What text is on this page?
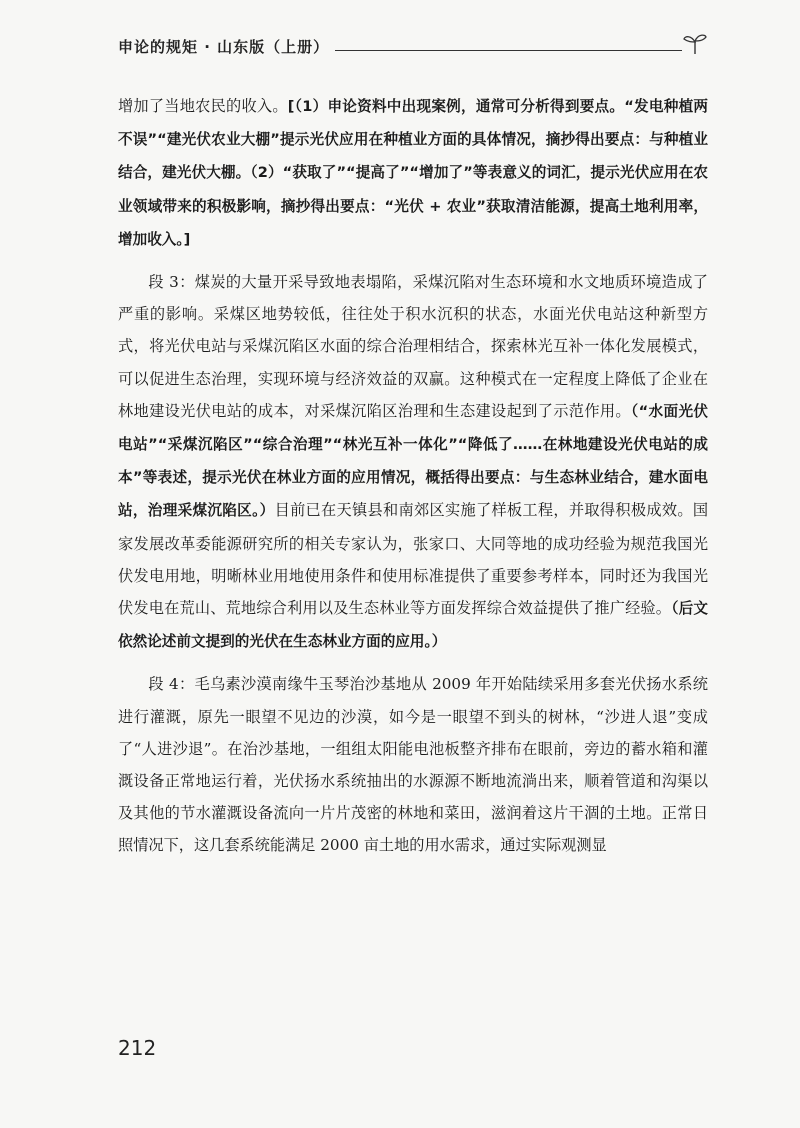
申论的规矩 · 山东版（上册）

增加了当地农民的收入。[（1）申论资料中出现案例，通常可分析得到要点。“发电种植两不误”“建光伏农业大棚”提示光伏应用在种植业方面的具体情况，摘抄得出要点：与种植业结合，建光伏大棚。（2）“获取了”“提高了”“增加了”等表意义的词汇，提示光伏应用在农业领域带来的积极影响，摘抄得出要点：“光伏 + 农业”获取清洁能源，提高土地利用率，增加收入。]

段 3：煤炭的大量开采导致地表塌陷，采煤沉陷对生态环境和水文地质环境造成了严重的影响。采煤区地势较低，往往处于积水沉积的状态，水面光伏电站这种新型方式，将光伏电站与采煤沉陷区水面的综合治理相结合，探索林光互补一体化发展模式，可以促进生态治理，实现环境与经济效益的双赢。这种模式在一定程度上降低了企业在林地建设光伏电站的成本，对采煤沉陷区治理和生态建设起到了示范作用。（“水面光伏电站”“采煤沉陷区”“综合治理”“林光互补一体化”“降低了……在林地建设光伏电站的成本”等表述，提示光伏在林业方面的应用情况，概括得出要点：与生态林业结合，建水面电站，治理采煤沉陷区。）目前已在天镇县和南郊区实施了样板工程，并取得积极成效。国家发展改革委能源研究所的相关专家认为，张家口、大同等地的成功经验为规范我国光伏发电用地，明晰林业用地使用条件和使用标准提供了重要参考样本，同时还为我国光伏发电在荒山、荒地综合利用以及生态林业等方面发挥综合效益提供了推广经验。（后文依然论述前文提到的光伏在生态林业方面的应用。）

段 4：毛乌素沙漠南缘牛玉琴治沙基地从 2009 年开始陆续采用多套光伏扬水系统进行灌溉，原先一眼望不见边的沙漠，如今是一眼望不到头的树林，“沙进人退”变成了“人进沙退”。在治沙基地，一组组太阳能电池板整齐排布在眼前，旁边的蓄水箱和灌溉设备正常地运行着，光伏扬水系统抽出的水源源不断地流淌出来，顺着管道和沟渠以及其他的节水灌溉设备流向一片片茂密的林地和菜田，滋润着这片干涸的土地。正常日照情况下，这几套系统能满足 2000 亩土地的用水需求，通过实际观测显

212
